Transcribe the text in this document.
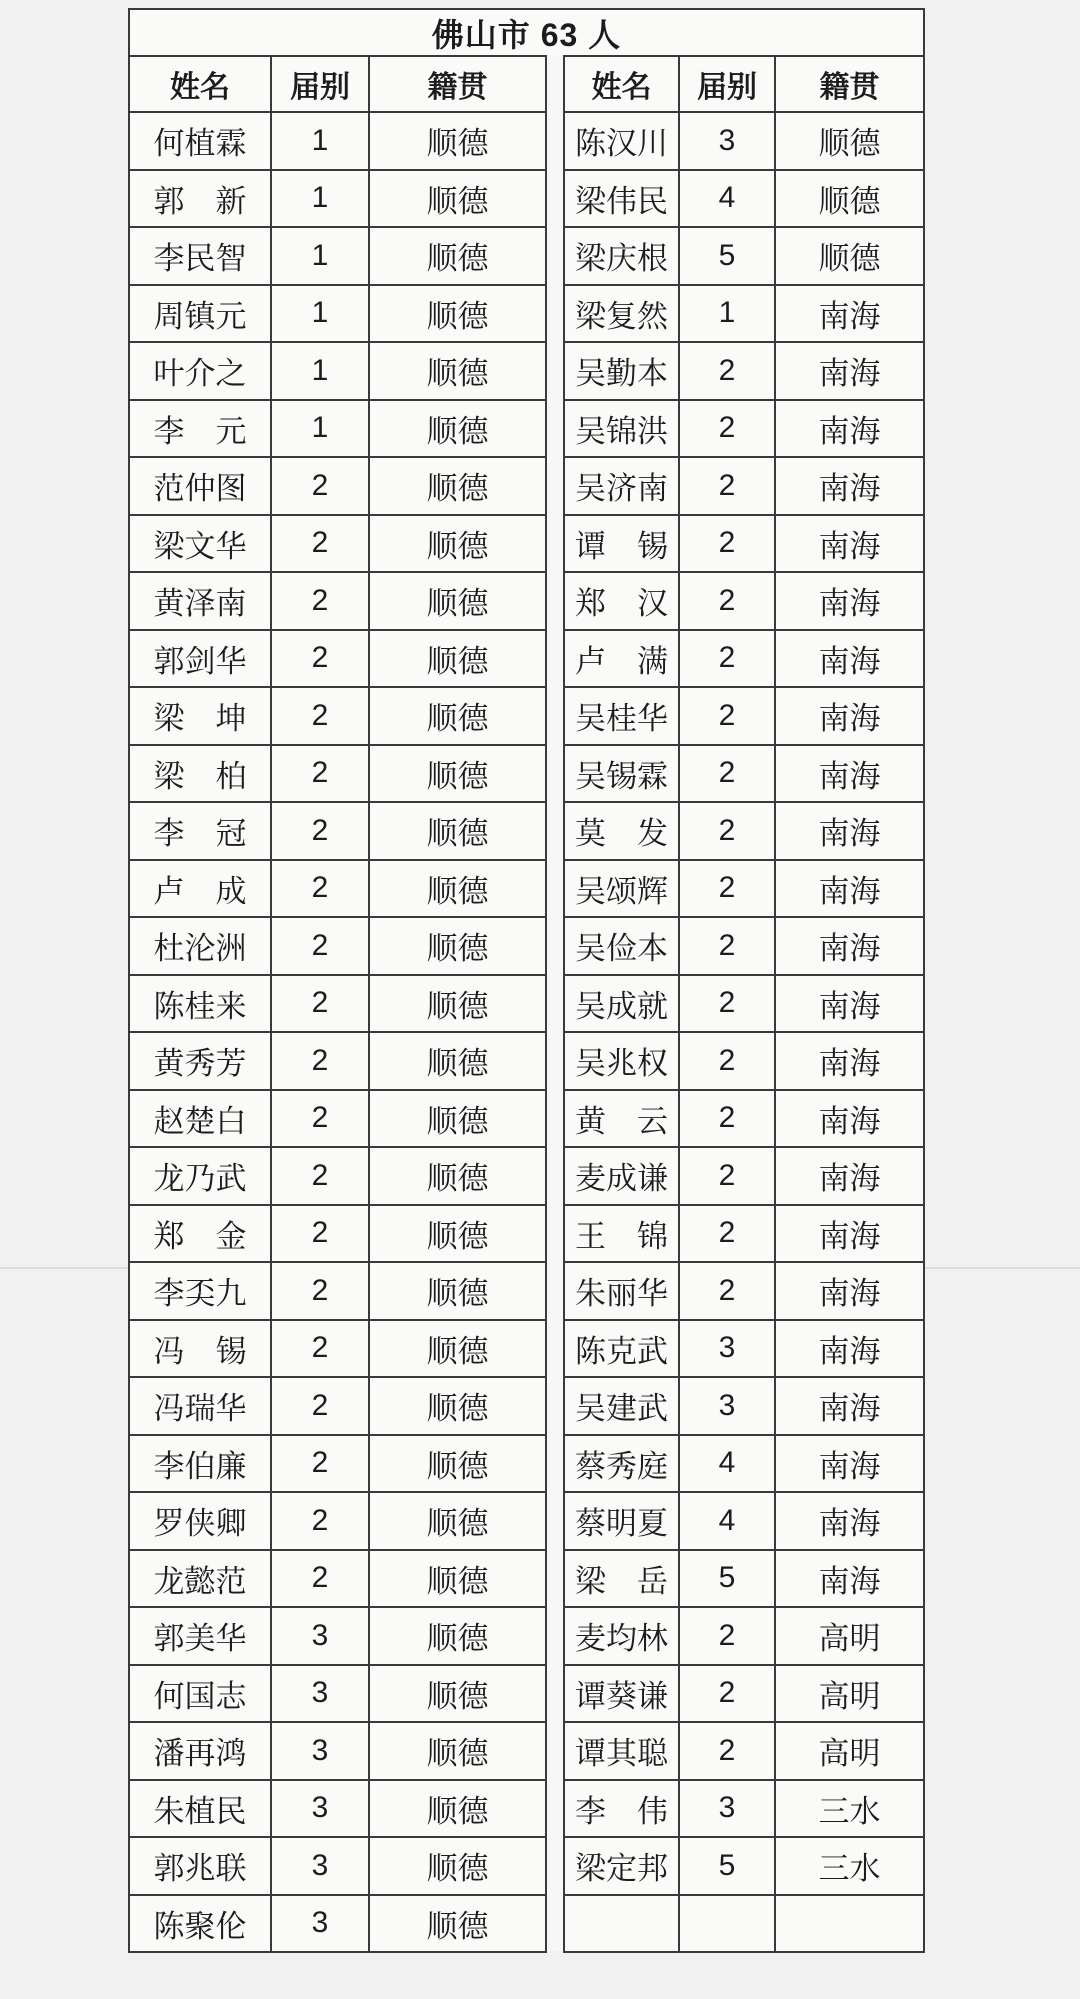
佛山市 63 人
姓名	届别	籍贯
何植霖	1	顺德
郭　新	1	顺德
李民智	1	顺德
周镇元	1	顺德
叶介之	1	顺德
李　元	1	顺德
范仲图	2	顺德
梁文华	2	顺德
黄泽南	2	顺德
郭剑华	2	顺德
梁　坤	2	顺德
梁　柏	2	顺德
李　冠	2	顺德
卢　成	2	顺德
杜沦洲	2	顺德
陈桂来	2	顺德
黄秀芳	2	顺德
赵楚白	2	顺德
龙乃武	2	顺德
郑　金	2	顺德
李奀九	2	顺德
冯　锡	2	顺德
冯瑞华	2	顺德
李伯廉	2	顺德
罗侠卿	2	顺德
龙懿范	2	顺德
郭美华	3	顺德
何国志	3	顺德
潘再鸿	3	顺德
朱植民	3	顺德
郭兆联	3	顺德
陈聚伦	3	顺德
姓名	届别	籍贯
陈汉川	3	顺德
梁伟民	4	顺德
梁庆根	5	顺德
梁复然	1	南海
吴勤本	2	南海
吴锦洪	2	南海
吴济南	2	南海
谭　锡	2	南海
郑　汉	2	南海
卢　满	2	南海
吴桂华	2	南海
吴锡霖	2	南海
莫　发	2	南海
吴颂辉	2	南海
吴俭本	2	南海
吴成就	2	南海
吴兆权	2	南海
黄　云	2	南海
麦成谦	2	南海
王　锦	2	南海
朱丽华	2	南海
陈克武	3	南海
吴建武	3	南海
蔡秀庭	4	南海
蔡明夏	4	南海
梁　岳	5	南海
麦均林	2	高明
谭葵谦	2	高明
谭其聪	2	高明
李　伟	3	三水
梁定邦	5	三水
